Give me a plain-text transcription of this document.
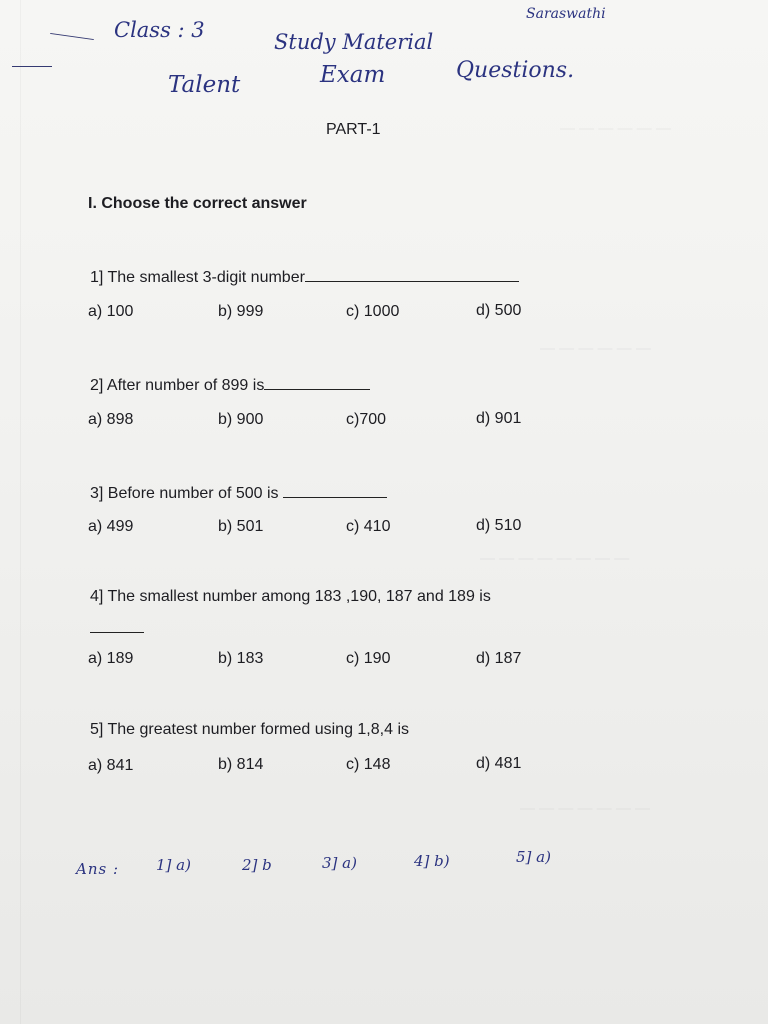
— — — — — —
— — — — — —
— — — — — — — —
— — — — — — —
Class : 3	Study Material
Saraswathi
Talent	Exam	Questions.
PART-1
I. Choose the correct answer
1] The smallest 3-digit number
a) 100	b) 999	c) 1000	d) 500
2] After number of 899 is
a) 898	b) 900	c)700	d) 901
3] Before number of 500 is
a) 499	b) 501	c) 410	d) 510
4] The smallest number among 183 ,190, 187 and 189 is
a) 189	b) 183	c) 190	d) 187
5] The greatest number formed using 1,8,4 is
a) 841	b) 814	c) 148	d) 481
Ans : 1] a)	2] b	3] a)	4] b)	5] a)
